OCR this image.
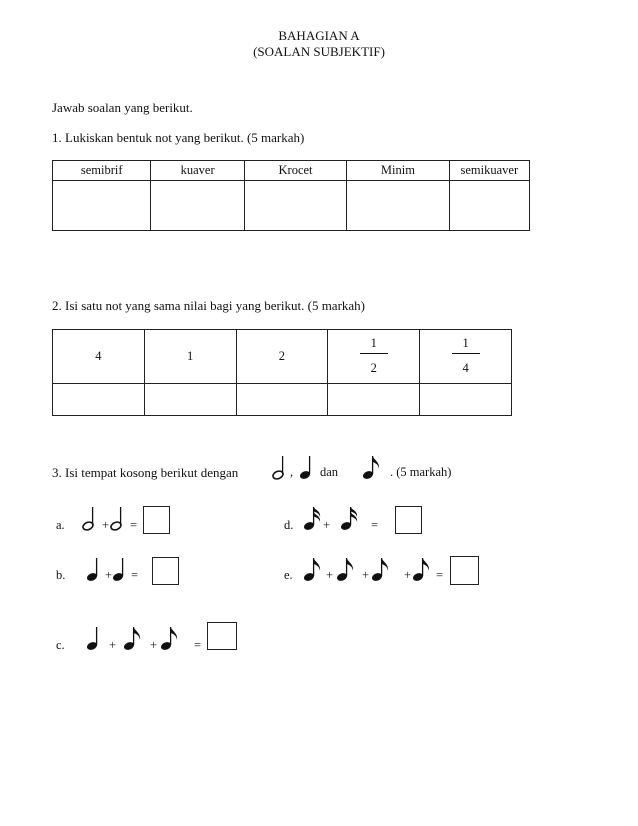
BAHAGIAN A
(SOALAN SUBJEKTIF)
Jawab soalan yang berikut.
1. Lukiskan bentuk not yang berikut. (5 markah)
semibrif	kuaver	Krocet	Minim	semikuaver

2. Isi satu not yang sama nilai bagi yang berikut. (5 markah)
4	1	2	$\frac{1}{2}$	$\frac{1}{4}$

3. Isi tempat kosong berikut dengan	, dan	. (5 markah)
a.	+ =	d. +	=
b.	+ =	e.	+ +	+ =
c.	+	+	=
